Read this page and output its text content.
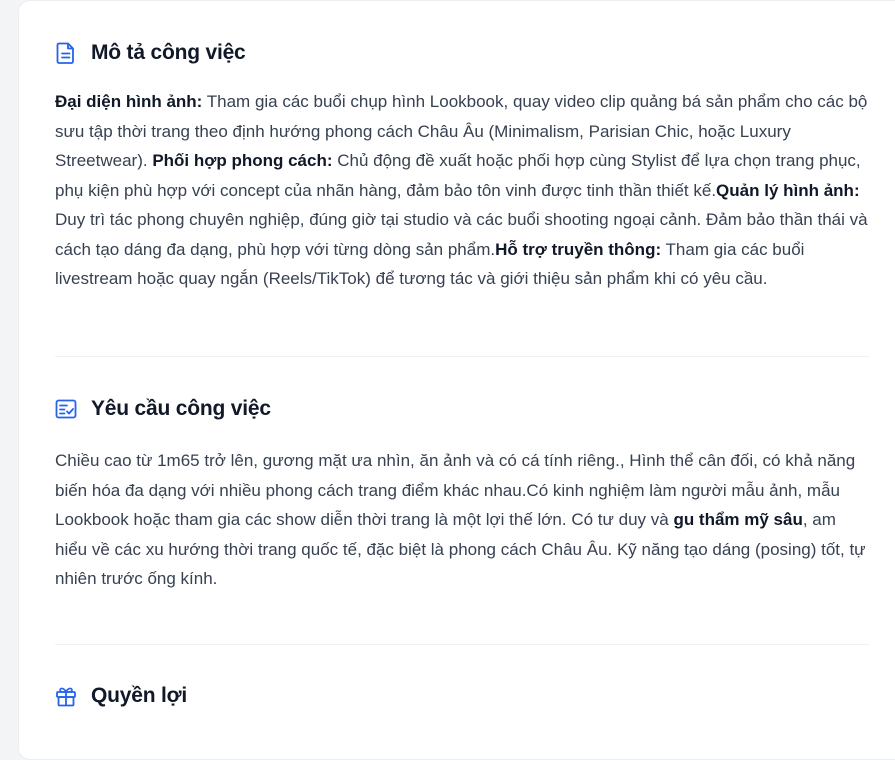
Mô tả công việc

Đại diện hình ảnh: Tham gia các buổi chụp hình Lookbook, quay video clip quảng bá sản phẩm cho các bộ sưu tập thời trang theo định hướng phong cách Châu Âu (Minimalism, Parisian Chic, hoặc Luxury Streetwear). Phối hợp phong cách: Chủ động đề xuất hoặc phối hợp cùng Stylist để lựa chọn trang phục, phụ kiện phù hợp với concept của nhãn hàng, đảm bảo tôn vinh được tinh thần thiết kế.Quản lý hình ảnh: Duy trì tác phong chuyên nghiệp, đúng giờ tại studio và các buổi shooting ngoại cảnh. Đảm bảo thần thái và cách tạo dáng đa dạng, phù hợp với từng dòng sản phẩm.Hỗ trợ truyền thông: Tham gia các buổi livestream hoặc quay ngắn (Reels/TikTok) để tương tác và giới thiệu sản phẩm khi có yêu cầu.

Yêu cầu công việc

Chiều cao từ 1m65 trở lên, gương mặt ưa nhìn, ăn ảnh và có cá tính riêng., Hình thể cân đối, có khả năng biến hóa đa dạng với nhiều phong cách trang điểm khác nhau.Có kinh nghiệm làm người mẫu ảnh, mẫu Lookbook hoặc tham gia các show diễn thời trang là một lợi thế lớn. Có tư duy và gu thẩm mỹ sâu, am hiểu về các xu hướng thời trang quốc tế, đặc biệt là phong cách Châu Âu. Kỹ năng tạo dáng (posing) tốt, tự nhiên trước ống kính.

Quyền lợi
